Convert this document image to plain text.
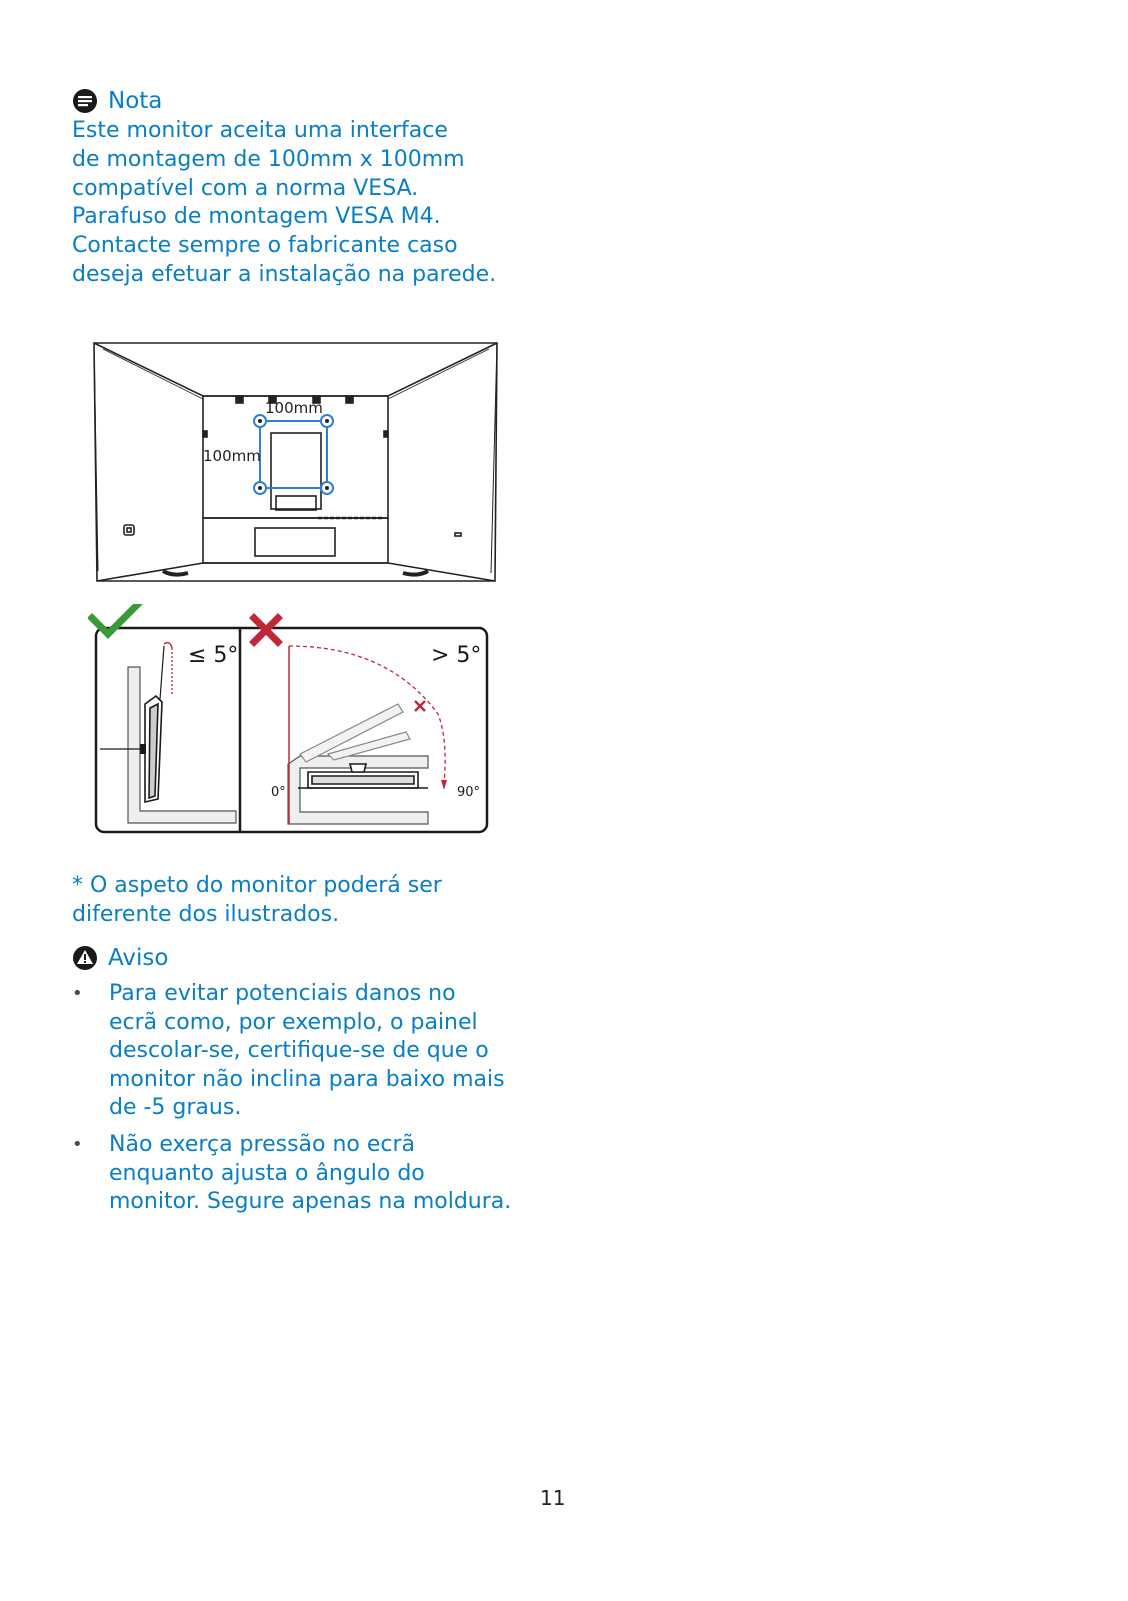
Nota
Este monitor aceita uma interface
de montagem de 100mm x 100mm
compatível com a norma VESA.
Parafuso de montagem VESA M4.
Contacte sempre o fabricante caso
deseja efetuar a instalação na parede.
100mm
100mm
≤ 5°	> 5°
0°	90°
* O aspeto do monitor poderá ser
diferente dos ilustrados.
Aviso
• Para evitar potenciais danos no
ecrã como, por exemplo, o painel
descolar-se, certifique-se de que o
monitor não inclina para baixo mais
de -5 graus.
• Não exerça pressão no ecrã
enquanto ajusta o ângulo do
monitor. Segure apenas na moldura.
11
